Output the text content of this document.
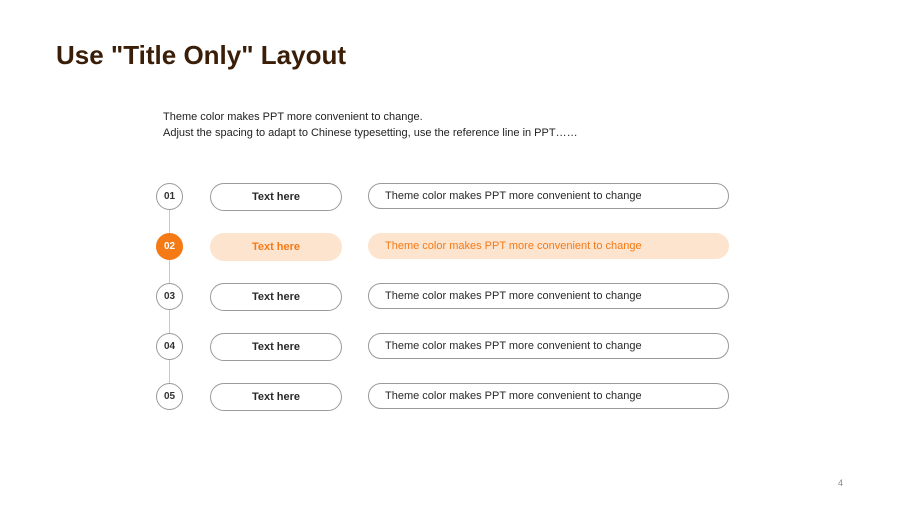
Use "Title Only" Layout
Theme color makes PPT more convenient to change.
Adjust the spacing to adapt to Chinese typesetting, use the reference line in PPT……
01	Text here	Theme color makes PPT more convenient to change
02	Text here	Theme color makes PPT more convenient to change
03	Text here	Theme color makes PPT more convenient to change
04	Text here	Theme color makes PPT more convenient to change
05	Text here	Theme color makes PPT more convenient to change
4
